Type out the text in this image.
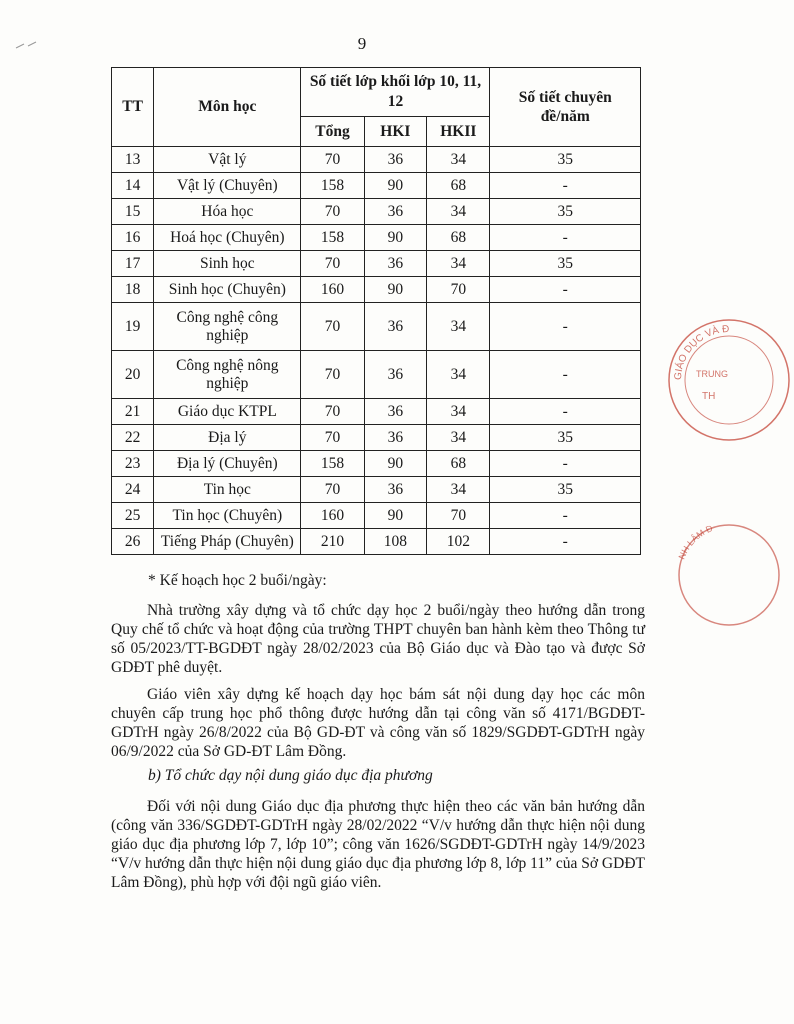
9
TT	Môn học	Số tiết lớp khối lớp 10, 11, 12			Số tiết chuyên đề/năm
		Tổng	HKI	HKII	
13	Vật lý	70	36	34	35
14	Vật lý (Chuyên)	158	90	68	-
15	Hóa học	70	36	34	35
16	Hoá học (Chuyên)	158	90	68	-
17	Sinh học	70	36	34	35
18	Sinh học (Chuyên)	160	90	70	-
19	Công nghệ công nghiệp	70	36	34	-
20	Công nghệ nông nghiệp	70	36	34	-
21	Giáo dục KTPL	70	36	34	-
22	Địa lý	70	36	34	35
23	Địa lý (Chuyên)	158	90	68	-
24	Tin học	70	36	34	35
25	Tin học (Chuyên)	160	90	70	-
26	Tiếng Pháp (Chuyên)	210	108	102	-
* Kế hoạch học 2 buổi/ngày:
Nhà trường xây dựng và tổ chức dạy học 2 buổi/ngày theo hướng dẫn trong Quy chế tổ chức và hoạt động của trường THPT chuyên ban hành kèm theo Thông tư số 05/2023/TT-BGDĐT ngày 28/02/2023 của Bộ Giáo dục và Đào tạo và được Sở GDĐT phê duyệt.
Giáo viên xây dựng kế hoạch dạy học bám sát nội dung dạy học các môn chuyên cấp trung học phổ thông được hướng dẫn tại công văn số 4171/BGDĐT-GDTrH ngày 26/8/2022 của Bộ GD-ĐT và công văn số 1829/SGDĐT-GDTrH ngày 06/9/2022 của Sở GD-ĐT Lâm Đồng.
b) Tổ chức dạy nội dung giáo dục địa phương
Đối với nội dung Giáo dục địa phương thực hiện theo các văn bản hướng dẫn (công văn 336/SGDĐT-GDTrH ngày 28/02/2022 “V/v hướng dẫn thực hiện nội dung giáo dục địa phương lớp 7, lớp 10”; công văn 1626/SGDĐT-GDTrH ngày 14/9/2023 “V/v hướng dẫn thực hiện nội dung giáo dục địa phương lớp 8, lớp 11” của Sở GDĐT Lâm Đồng), phù hợp với đội ngũ giáo viên.
GIÁO DỤC VÀ Đ
TRUNG
TH
NH LÂM Đ
